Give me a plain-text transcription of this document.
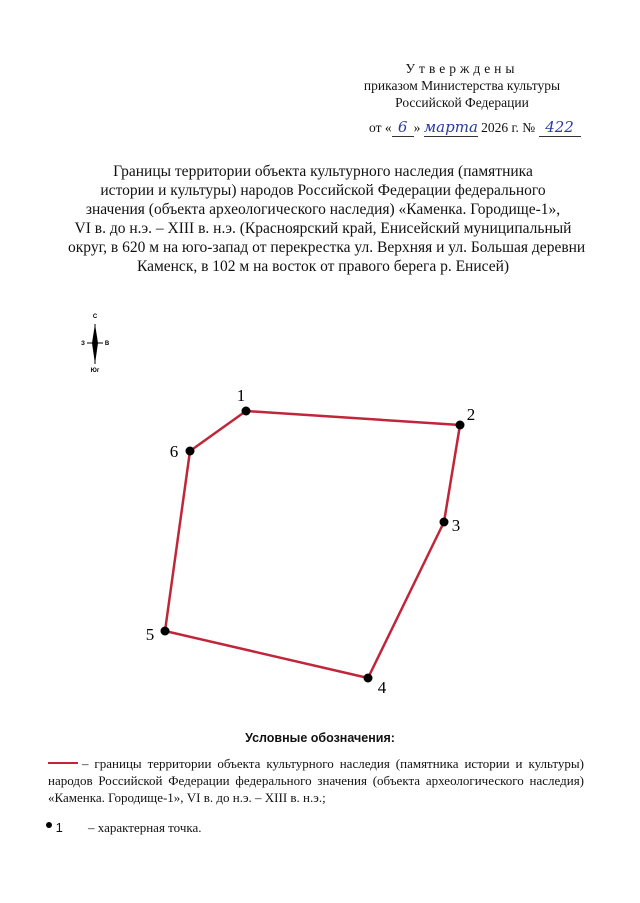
Утверждены
приказом Министерства культуры
Российской Федерации
от « 6 » марта 2026 г. № 422
Границы территории объекта культурного наследия (памятника
истории и культуры) народов Российской Федерации федерального
значения (объекта археологического наследия) «Каменка. Городище-1»,
VI в. до н.э. – XIII в. н.э. (Красноярский край, Енисейский муниципальный
округ, в 620 м на юго-запад от перекрестка ул. Верхняя и ул. Большая деревни
Каменск, в 102 м на восток от правого берега р. Енисей)
С
Юг
З	В
1
2
3
4
5
6
Условные обозначения:
– границы территории объекта культурного наследия (памятника истории и культуры) народов Российской Федерации федерального значения (объекта археологического наследия) «Каменка. Городище-1», VI в. до н.э. – XIII в. н.э.;
1 – характерная точка.
